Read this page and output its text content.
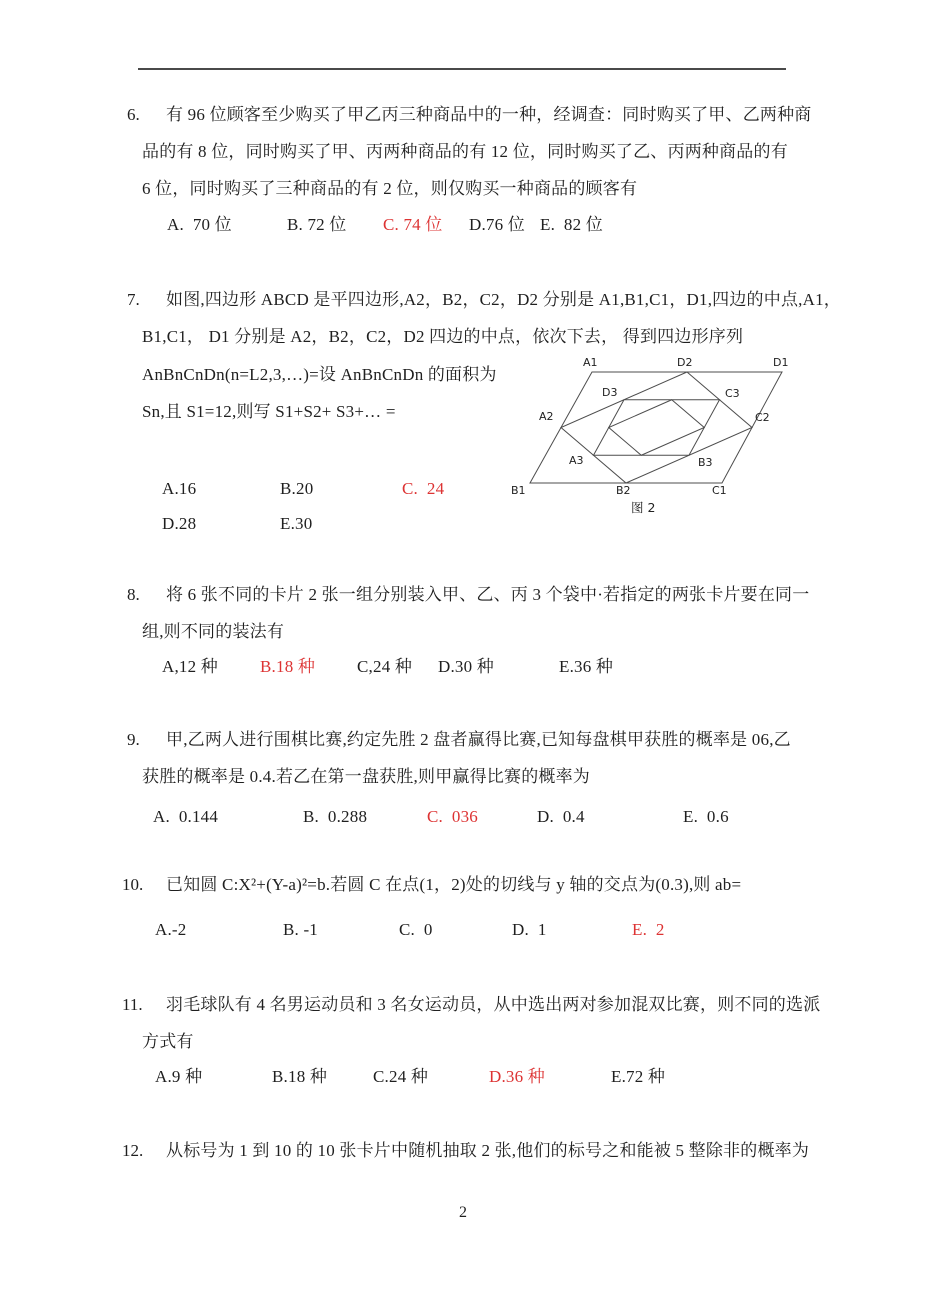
6. 有 96 位顾客至少购买了甲乙丙三种商品中的一种，经调查：同时购买了甲、乙两种商
品的有 8 位，同时购买了甲、丙两种商品的有 12 位，同时购买了乙、丙两种商品的有
6 位，同时购买了三种商品的有 2 位，则仅购买一种商品的顾客有
A.  70 位	B. 72 位 C. 74 位 D.76 位 E.  82 位
7. 如图,四边形 ABCD 是平四边形,A2，B2，C2，D2 分别是 A1,B1,C1，D1,四边的中点,A1，
B1,C1， D1 分别是 A2，B2，C2，D2 四边的中点，依次下去， 得到四边形序列
AnBnCnDn(n=L2,3,…)=设 AnBnCnDn 的面积为
Sn,且 S1=12,则写 S1+S2+ S3+… =
A.16	B.20	C.  24
D.28	E.30
A1	D2	D1
D3	C3
A2	C2
A3	B3
B1	B2	C1
图 2
8. 将 6 张不同的卡片 2 张一组分别装入甲、乙、丙 3 个袋中·若指定的两张卡片要在同一
组,则不同的装法有
A,12 种 B.18 种 C,24 种 D.30 种	E.36 种
9. 甲,乙两人进行围棋比赛,约定先胜 2 盘者赢得比赛,已知每盘棋甲获胜的概率是 06,乙
获胜的概率是 0.4.若乙在第一盘获胜,则甲赢得比赛的概率为
A.  0.144	B.  0.288	C.  036	D.  0.4	E.  0.6
10. 已知圆 C:X²+(Y-a)²=b.若圆 C 在点(1，2)处的切线与 y 轴的交点为(0.3),则 ab=
A.-2	B. -1	C.  0	D.  1	E.  2
11. 羽毛球队有 4 名男运动员和 3 名女运动员，从中选出两对参加混双比赛，则不同的选派
方式有
A.9 种	B.18 种	C.24 种	D.36 种	E.72 种
12. 从标号为 1 到 10 的 10 张卡片中随机抽取 2 张,他们的标号之和能被 5 整除非的概率为
2
